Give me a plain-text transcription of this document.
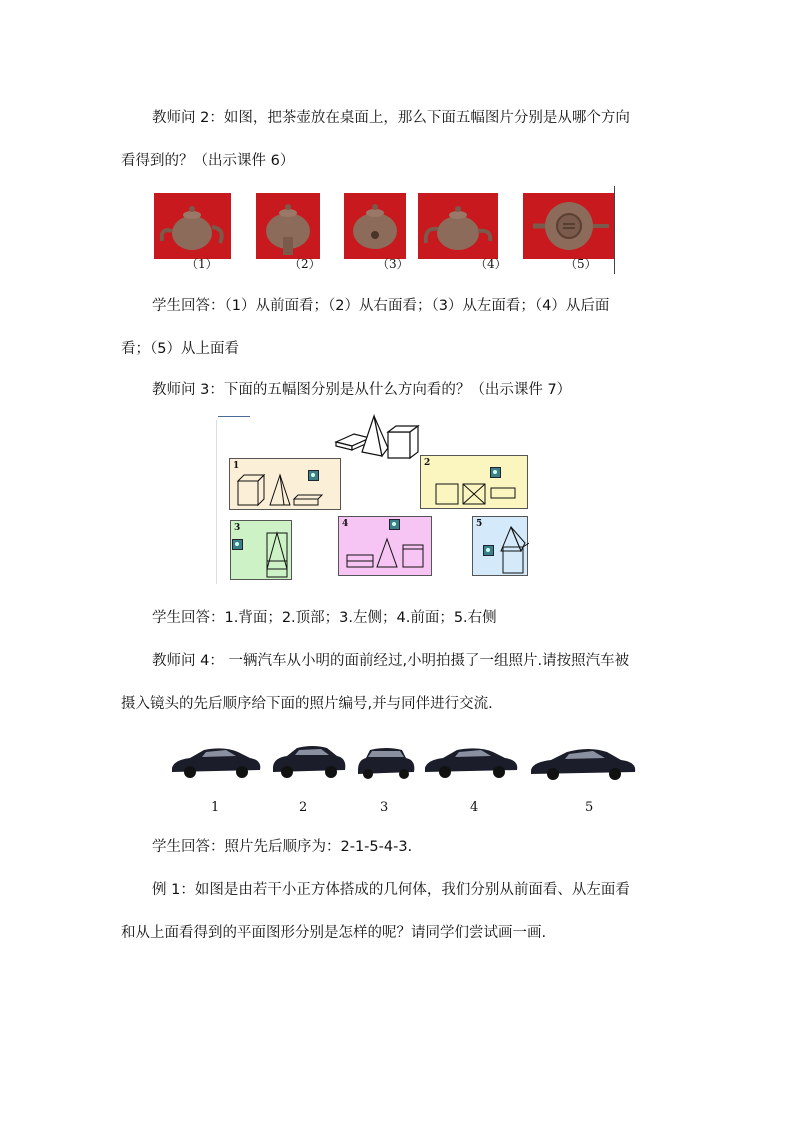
教师问 2：如图，把茶壶放在桌面上，那么下面五幅图片分别是从哪个方向
看得到的？（出示课件 6）
（1）	（2）	（3）	（4）	（5）
学生回答：（1）从前面看；（2）从右面看；（3）从左面看；（4）从后面
看；（5）从上面看
教师问 3：下面的五幅图分别是从什么方向看的？（出示课件 7）
1	2
3	4	5
学生回答：1.背面；2.顶部；3.左侧；4.前面；5.右侧
教师问 4： 一辆汽车从小明的面前经过,小明拍摄了一组照片.请按照汽车被
摄入镜头的先后顺序给下面的照片编号,并与同伴进行交流.
1	2	3	4	5
学生回答：照片先后顺序为：2-1-5-4-3.
例 1：如图是由若干小正方体搭成的几何体，我们分别从前面看、从左面看
和从上面看得到的平面图形分别是怎样的呢？请同学们尝试画一画.
